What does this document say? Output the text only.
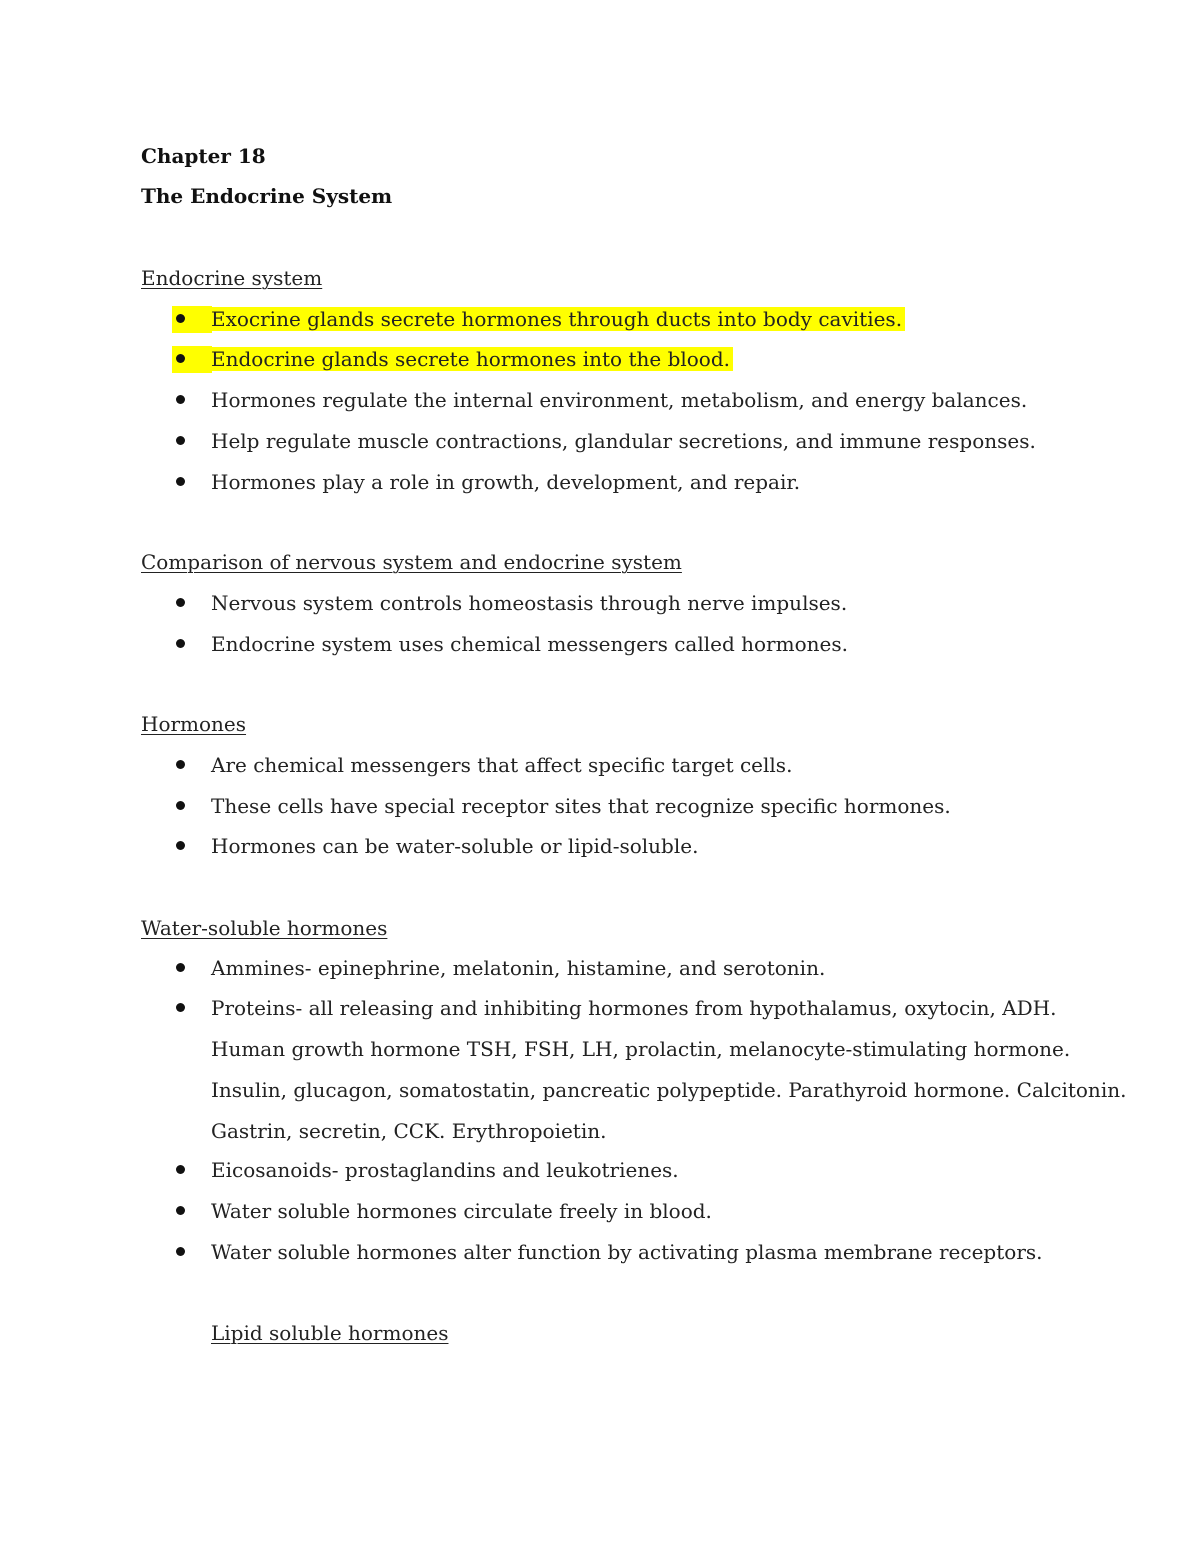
Chapter 18
The Endocrine System
Endocrine system
Exocrine glands secrete hormones through ducts into body cavities.
Endocrine glands secrete hormones into the blood.
Hormones regulate the internal environment, metabolism, and energy balances.
Help regulate muscle contractions, glandular secretions, and immune responses.
Hormones play a role in growth, development, and repair.
Comparison of nervous system and endocrine system
Nervous system controls homeostasis through nerve impulses.
Endocrine system uses chemical messengers called hormones.
Hormones
Are chemical messengers that affect specific target cells.
These cells have special receptor sites that recognize specific hormones.
Hormones can be water-soluble or lipid-soluble.
Water-soluble hormones
Ammines- epinephrine, melatonin, histamine, and serotonin.
Proteins- all releasing and inhibiting hormones from hypothalamus, oxytocin, ADH.
Human growth hormone TSH, FSH, LH, prolactin, melanocyte-stimulating hormone.
Insulin, glucagon, somatostatin, pancreatic polypeptide. Parathyroid hormone. Calcitonin.
Gastrin, secretin, CCK. Erythropoietin.
Eicosanoids- prostaglandins and leukotrienes.
Water soluble hormones circulate freely in blood.
Water soluble hormones alter function by activating plasma membrane receptors.
Lipid soluble hormones
